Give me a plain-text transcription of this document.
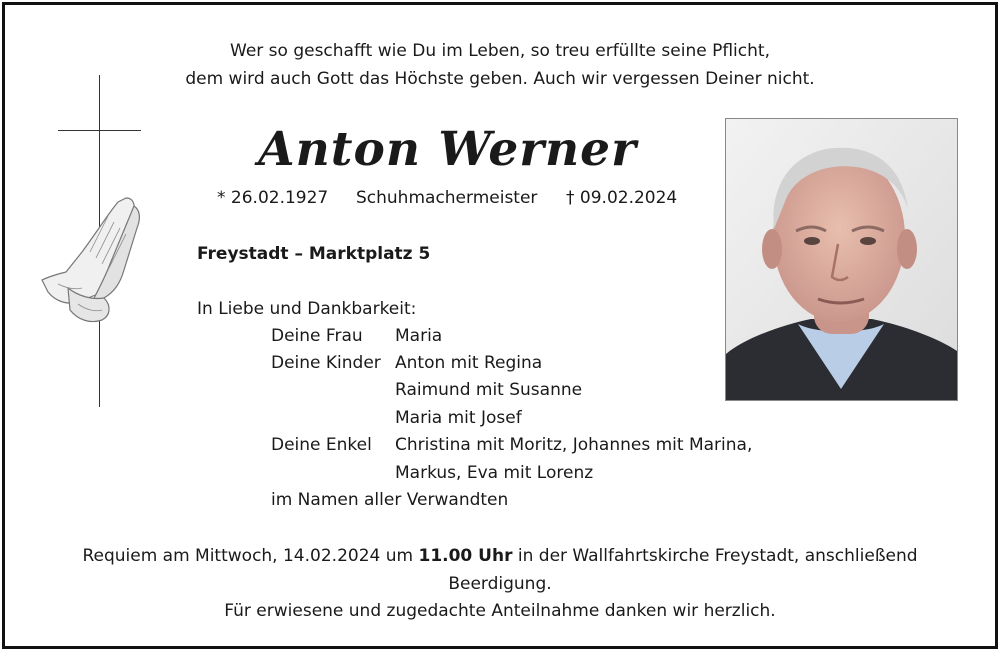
Wer so geschafft wie Du im Leben, so treu erfüllte seine Pflicht,
dem wird auch Gott das Höchste geben. Auch wir vergessen Deiner nicht.
Anton Werner
* 26.02.1927 Schuhmachermeister † 09.02.2024
Freystadt – Marktplatz 5
In Liebe und Dankbarkeit:
Deine Frau Maria
Deine Kinder Anton mit Regina
Raimund mit Susanne
Maria mit Josef
Deine Enkel Christina mit Moritz, Johannes mit Marina,
Markus, Eva mit Lorenz
im Namen aller Verwandten
Requiem am Mittwoch, 14.02.2024 um 11.00 Uhr in der Wallfahrtskirche Freystadt, anschließend
Beerdigung.
Für erwiesene und zugedachte Anteilnahme danken wir herzlich.
